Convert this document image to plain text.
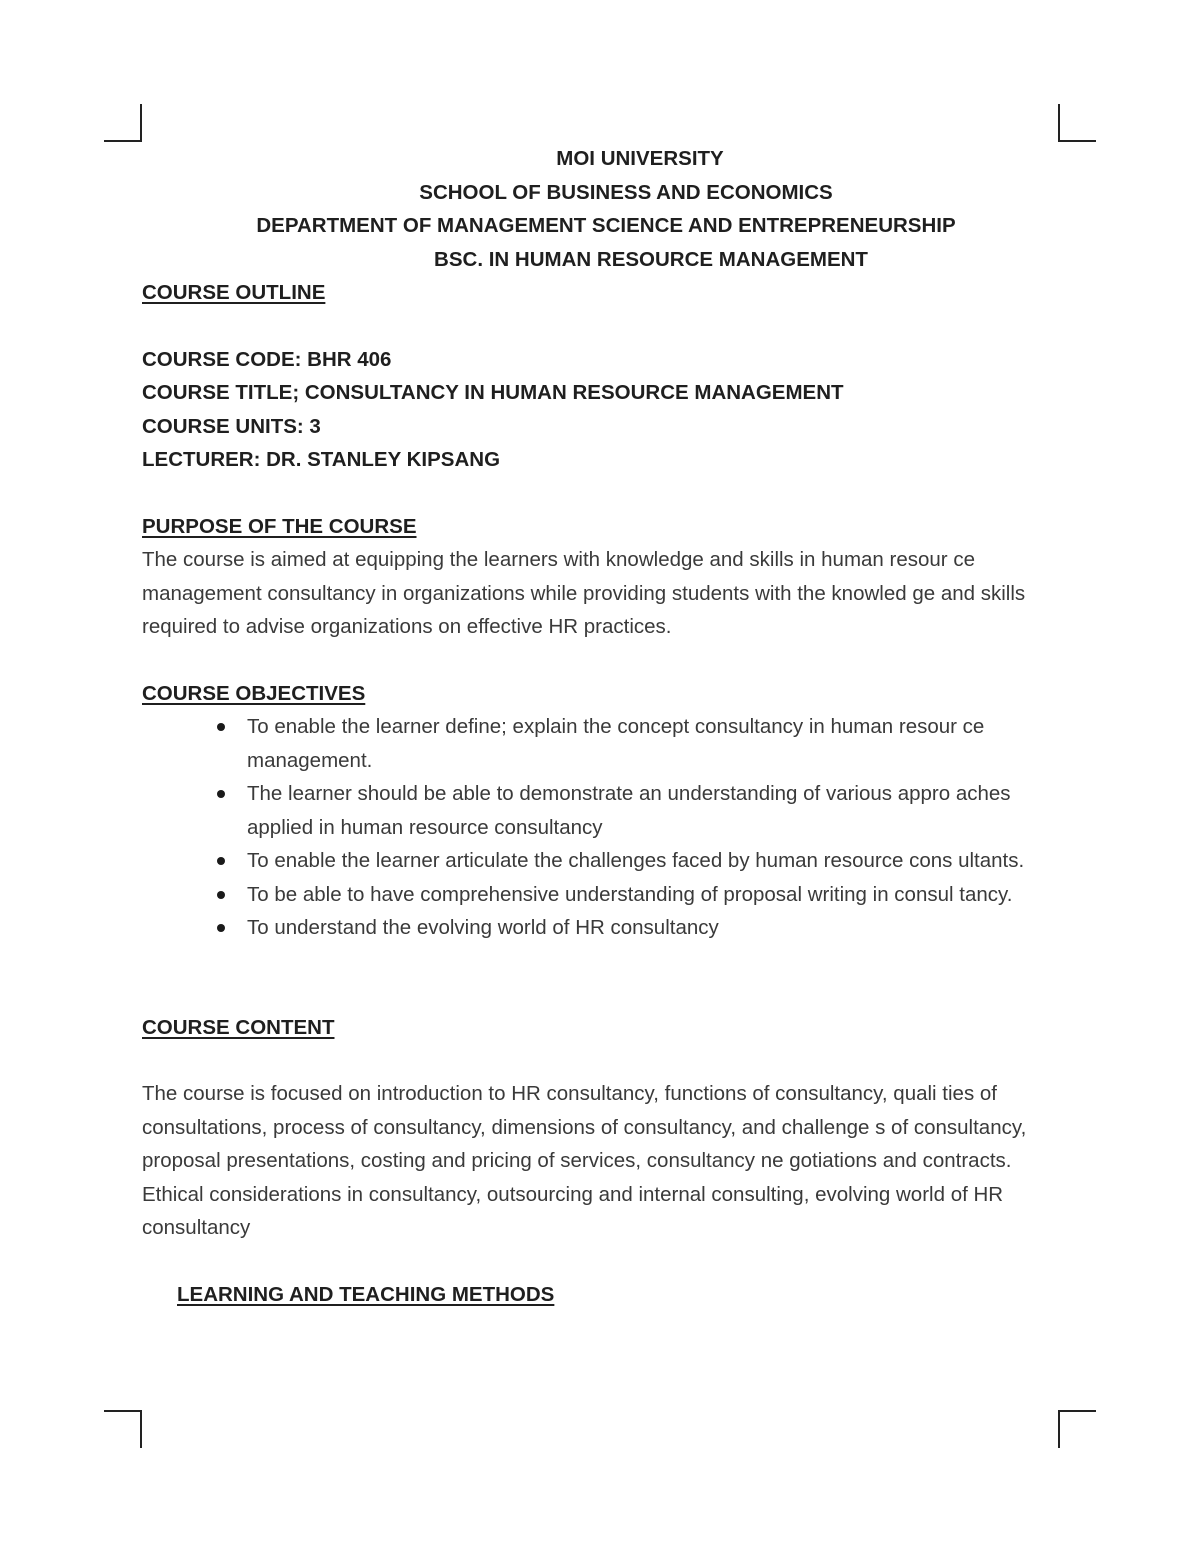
MOI UNIVERSITY

SCHOOL OF BUSINESS AND ECONOMICS

DEPARTMENT OF MANAGEMENT SCIENCE AND ENTREPRENEURSHIP

BSC. IN HUMAN RESOURCE MANAGEMENT

COURSE OUTLINE

COURSE CODE: BHR 406

COURSE TITLE; CONSULTANCY IN HUMAN RESOURCE MANAGEMENT

COURSE UNITS: 3

LECTURER: DR. STANLEY KIPSANG

PURPOSE OF THE COURSE

The course is aimed at equipping the learners with knowledge and skills in human resour ce management consultancy in organizations while providing students with the knowled ge and skills required to advise organizations on effective HR practices.

COURSE OBJECTIVES

To enable the learner define; explain the concept consultancy in human resour ce management.
The learner should be able to demonstrate an understanding of various appro aches applied in human resource consultancy
To enable the learner articulate the challenges faced by human resource cons ultants.
To be able to have comprehensive understanding of proposal writing in consul tancy.
To understand the evolving world of HR consultancy

COURSE CONTENT

The course is focused on introduction to HR consultancy, functions of consultancy, quali ties of consultations, process of consultancy, dimensions of consultancy, and challenge s of consultancy, proposal presentations, costing and pricing of services, consultancy ne gotiations and contracts. Ethical considerations in consultancy, outsourcing and internal consulting, evolving world of HR consultancy

LEARNING AND TEACHING METHODS
